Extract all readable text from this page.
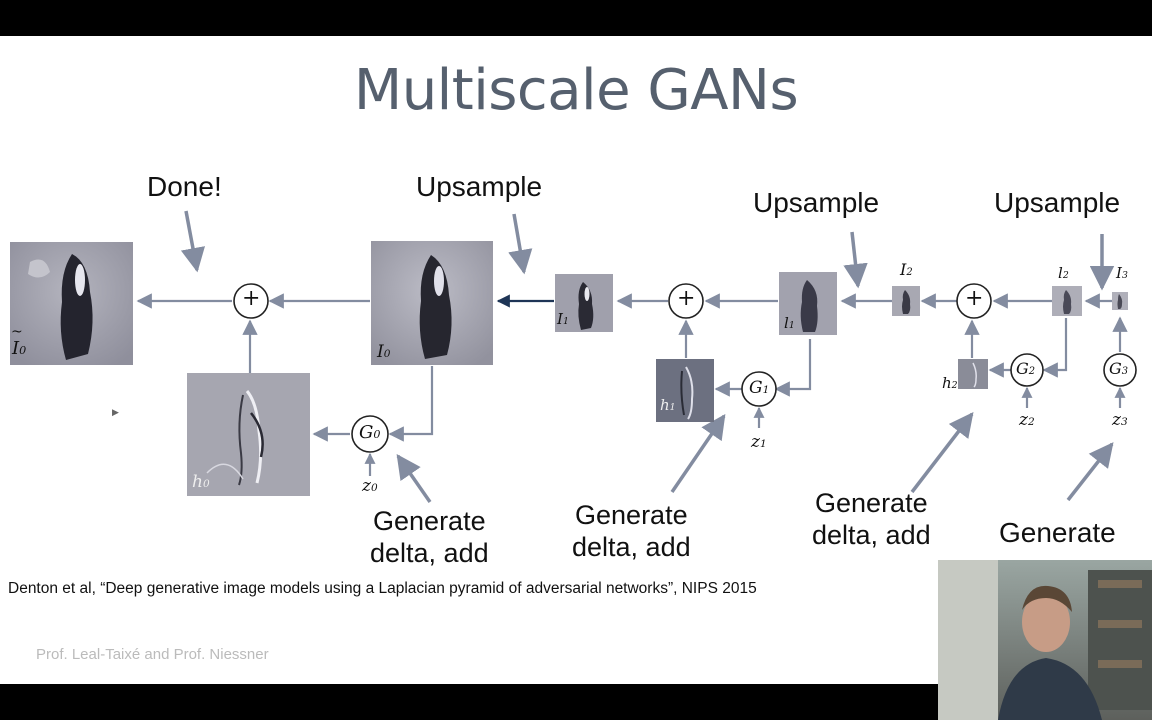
Multiscale GANs
+	+	+
G0
G1
G2	G3
z0
z1
z2	z3
I0
~
I0
h0
I1	l1
h1
I2	l2
h2
I3
Done!	Upsample
Upsample	Upsample
Generate
delta, add
Generate
delta, add
Generate
delta, add Generate
Denton et al, “Deep generative image models using a Laplacian pyramid of adversarial networks”, NIPS 2015
Prof. Leal-Taixé and Prof. Niessner
▶
